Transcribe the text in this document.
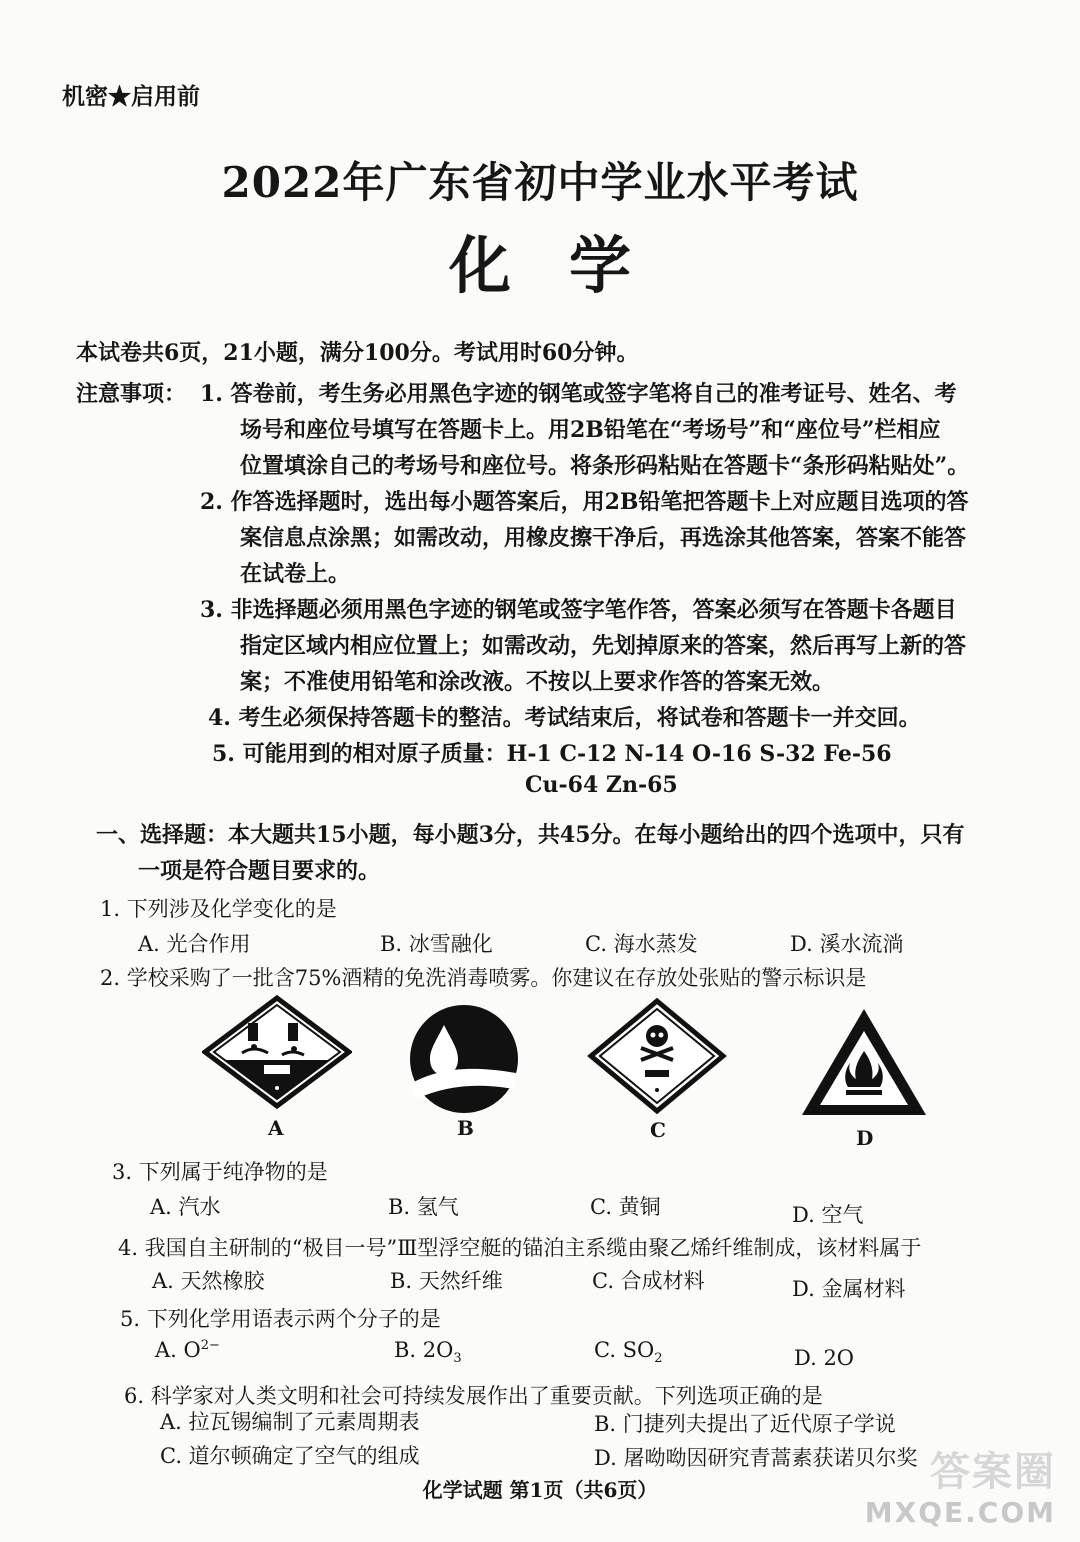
机密★启用前
2022年广东省初中学业水平考试
化学
本试卷共6页，21小题，满分100分。考试用时60分钟。
注意事项： 1. 答卷前，考生务必用黑色字迹的钢笔或签字笔将自己的准考证号、姓名、考
场号和座位号填写在答题卡上。用2B铅笔在“考场号”和“座位号”栏相应
位置填涂自己的考场号和座位号。将条形码粘贴在答题卡“条形码粘贴处”。
2. 作答选择题时，选出每小题答案后，用2B铅笔把答题卡上对应题目选项的答
案信息点涂黑；如需改动，用橡皮擦干净后，再选涂其他答案，答案不能答
在试卷上。
3. 非选择题必须用黑色字迹的钢笔或签字笔作答，答案必须写在答题卡各题目
指定区域内相应位置上；如需改动，先划掉原来的答案，然后再写上新的答
案；不准使用铅笔和涂改液。不按以上要求作答的答案无效。
4. 考生必须保持答题卡的整洁。考试结束后，将试卷和答题卡一并交回。
5. 可能用到的相对原子质量：H-1 C-12 N-14 O-16 S-32 Fe-56
Cu-64 Zn-65
一、选择题：本大题共15小题，每小题3分，共45分。在每小题给出的四个选项中，只有
一项是符合题目要求的。
1. 下列涉及化学变化的是
A. 光合作用	B. 冰雪融化	C. 海水蒸发	D. 溪水流淌
2. 学校采购了一批含75%酒精的免洗消毒喷雾。你建议在存放处张贴的警示标识是
A	B	C	D
3. 下列属于纯净物的是
A. 汽水	B. 氢气	C. 黄铜	D. 空气
4. 我国自主研制的“极目一号”Ⅲ型浮空艇的锚泊主系缆由聚乙烯纤维制成，该材料属于
A. 天然橡胶	B. 天然纤维	C. 合成材料	D. 金属材料
5. 下列化学用语表示两个分子的是
A. $O^{2-}$	B. $2O_3$	C. $SO_2$	D. 2O
6. 科学家对人类文明和社会可持续发展作出了重要贡献。下列选项正确的是
A. 拉瓦锡编制了元素周期表	B. 门捷列夫提出了近代原子学说
C. 道尔顿确定了空气的组成	D. 屠呦呦因研究青蒿素获诺贝尔奖
化学试题 第1页（共6页）	答案圈
MXQE.COM
